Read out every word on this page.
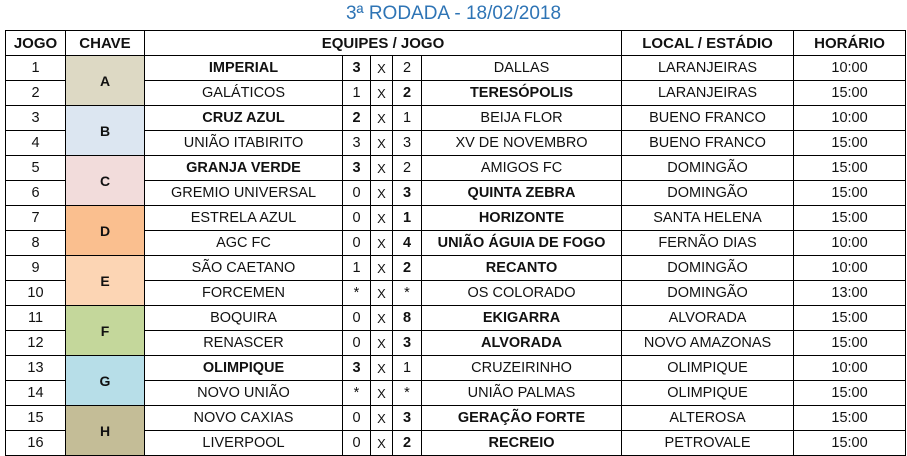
3ª RODADA - 18/02/2018
JOGO	CHAVE	EQUIPES / JOGO					LOCAL / ESTÁDIO	HORÁRIO
1	A	IMPERIAL	3	X	2	DALLAS	LARANJEIRAS	10:00
2		GALÁTICOS	1	X	2	TERESÓPOLIS	LARANJEIRAS	15:00
3	B	CRUZ AZUL	2	X	1	BEIJA FLOR	BUENO FRANCO	10:00
4		UNIÃO ITABIRITO	3	X	3	XV DE NOVEMBRO	BUENO FRANCO	15:00
5	C	GRANJA VERDE	3	X	2	AMIGOS FC	DOMINGÃO	15:00
6		GREMIO UNIVERSAL	0	X	3	QUINTA ZEBRA	DOMINGÃO	15:00
7	D	ESTRELA AZUL	0	X	1	HORIZONTE	SANTA HELENA	15:00
8		AGC FC	0	X	4	UNIÃO ÁGUIA DE FOGO	FERNÃO DIAS	10:00
9	E	SÃO CAETANO	1	X	2	RECANTO	DOMINGÃO	10:00
10		FORCEMEN	*	X	*	OS COLORADO	DOMINGÃO	13:00
11	F	BOQUIRA	0	X	8	EKIGARRA	ALVORADA	15:00
12		RENASCER	0	X	3	ALVORADA	NOVO AMAZONAS	15:00
13	G	OLIMPIQUE	3	X	1	CRUZEIRINHO	OLIMPIQUE	10:00
14		NOVO UNIÃO	*	X	*	UNIÃO PALMAS	OLIMPIQUE	15:00
15	H	NOVO CAXIAS	0	X	3	GERAÇÃO FORTE	ALTEROSA	15:00
16		LIVERPOOL	0	X	2	RECREIO	PETROVALE	15:00
